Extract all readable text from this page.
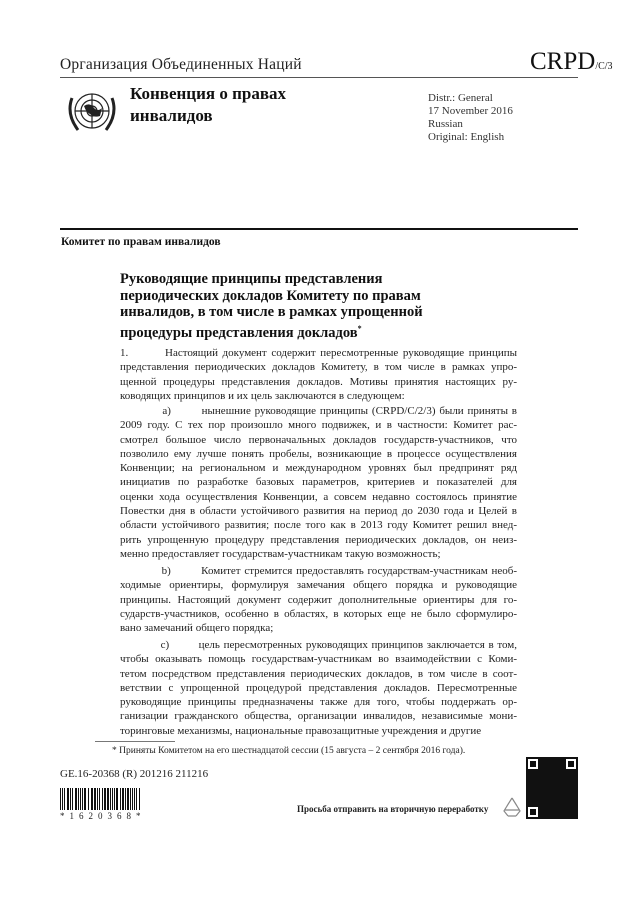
Организация Объединенных Наций	CRPD/C/3
Конвенция о правах
инвалидов
Distr.: General
17 November 2016
Russian
Original: English
Комитет по правам инвалидов
Руководящие принципы представления
периодических докладов Комитету по правам
инвалидов, в том числе в рамках упрощенной
процедуры представления докладов*
1.        Настоящий документ содержит пересмотренные руководящие принципы
представления периодических докладов Комитету, в том числе в рамках упро-
щенной процедуры представления докладов. Мотивы принятия настоящих ру-
ководящих принципов и их цель заключаются в следующем:
a)        нынешние руководящие принципы (CRPD/C/2/3) были приняты в
2009 году. С тех пор произошло много подвижек, и в частности: Комитет рас-
смотрел большое число первоначальных докладов государств-участников, что
позволило ему лучше понять пробелы, возникающие в процессе осуществления
Конвенции; на региональном и международном уровнях был предпринят ряд
инициатив по разработке базовых параметров, критериев и показателей для
оценки хода осуществления Конвенции, а совсем недавно состоялось принятие
Повестки дня в области устойчивого развития на период до 2030 года и Целей в
области устойчивого развития; после того как в 2013 году Комитет решил внед-
рить упрощенную процедуру представления периодических докладов, он неиз-
менно предоставляет государствам-участникам такую возможность;
b)        Комитет стремится предоставлять государствам-участникам необ-
ходимые ориентиры, формулируя замечания общего порядка и руководящие
принципы. Настоящий документ содержит дополнительные ориентиры для го-
сударств-участников, особенно в областях, в которых еще не было сформулиро-
вано замечаний общего порядка;
c)        цель пересмотренных руководящих принципов заключается в том,
чтобы оказывать помощь государствам-участникам во взаимодействии с Коми-
тетом посредством представления периодических докладов, в том числе в соот-
ветствии с упрощенной процедурой представления докладов. Пересмотренные
руководящие принципы предназначены также для того, чтобы поддержать ор-
ганизации гражданского общества, организации инвалидов, независимые мони-
торинговые механизмы, национальные правозащитные учреждения и другие
* Приняты Комитетом на его шестнадцатой сессии (15 августа – 2 сентября 2016 года).
GE.16-20368 (R) 201216 211216
*1620368*
Просьба отправить на вторичную переработку
